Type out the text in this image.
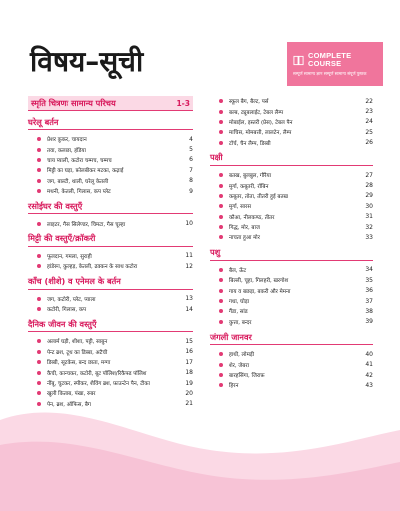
विषय–सूची	COMPLETE
COURSE
सम्पूर्ण सामान्य ज्ञान सम्पूर्ण सामान्य संपूर्ण पुस्तक
स्मृति चित्रणः सामान्य परिचय	1-3
घरेलू बर्तन
प्रेशर कुकर, चायदान	4
तवा, कलछा, हंडिया	5
चाय प्याली, कटोरा चम्मच, चम्मच	6
मिट्टी का घड़ा, फ़ोलबीकर मटका, कढ़ाई	7
जग, बाल्टी, थाली, घरेलू केतली	8
मथनी, केतली, गिलास, कप प्लेट	9
रसोईघर की वस्तुएँ
लाइटर, गैस सिलेण्डर, चिमटा, गैस चूल्हा	10
मिट्टी की वस्तुएँ/क्रॉकरी
फूलदान, गमला, सुराही	11
हांडेरूा, कुल्हड़, केतली, ढक्कन के साथ कटोरा	12
काँच (शीशे) व एनेमल के बर्तन
जग, कटोरी, प्लेट, प्याला	13
कटोरी, गिलास, कप	14
दैनिक जीवन की वस्तुएँ
अलार्म घड़ी, शीशा, पट्टी, साबुन	15
पेन्ट ब्रश, टूथ का डिब्बा, अटैची	16
डिब्बी, सूटकेस, बन्द छाता, मग्गा	17
कैची, कान्चकर, कटोरी, बूट पॉलिश/रिकैफ्ड पॉलिश	18
नींबू, चुटकर, स्पीकर, शैविंग ब्रश, फ़ाउन्टेन पैन, टीका	19
खुली किताब, पंखा, रुबर	20
पेन, ब्रश, ऑफिस, बैग	21
स्कूल बैग, बैल्ट, पर्स	22
बल्ब, ट्यूबलाईट, टेबल लैम्प	23
मोबाईल, इस्तरी (प्रेस), टेबल पैन	24
माचिस, मोमबत्ती, लालटेन, लैम्प	25
टॉर्च, चैन लैम्प, डिब्बी	26
पक्षी
बतख, बुलबुल, गौरैया	27
मुर्गा, कबूतरी, रॉबिन	28
कबूतर, तोता, तीतरी हुई बतख	29
मुर्गा, सारस	30
कौआ, नीलकण्ठ, तीतर	31
गिद्ध, मोर, बाज	32
नाचता हुआ मोर	33
पशु
बैल, ऊँट	34
बिल्ली, चूहा, गिलहरी, खरगोश	35
गाय व बछड़ा, बकरी और मेमना	36
गधा, घोड़ा	37
गैंडा, सांड	38
कुत्ता, बन्दर	39
जंगली जानवर
हाथी, लोमड़ी	40
शेर, जेबरा	41
बारहसिंगा, जिराफ़	42
हिरन	43
